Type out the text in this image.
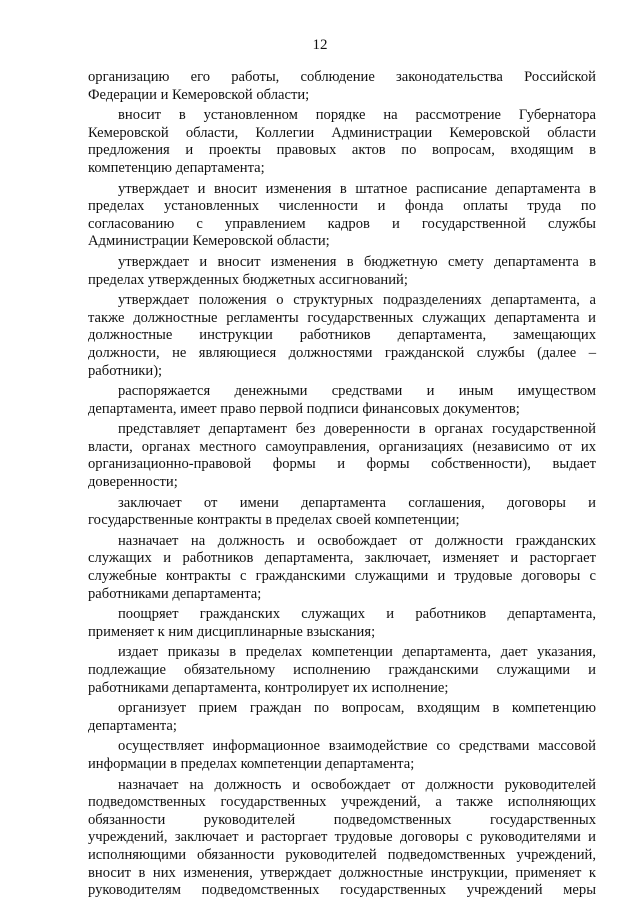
12
организацию его работы, соблюдение законодательства Российской
Федерации и Кемеровской области;
вносит в установленном порядке на рассмотрение Губернатора
Кемеровской области, Коллегии Администрации Кемеровской области
предложения и проекты правовых актов по вопросам, входящим в
компетенцию департамента;
утверждает и вносит изменения в штатное расписание департамента в
пределах установленных численности и фонда оплаты труда по
согласованию с управлением кадров и государственной службы
Администрации Кемеровской области;
утверждает и вносит изменения в бюджетную смету департамента в
пределах утвержденных бюджетных ассигнований;
утверждает положения о структурных подразделениях департамента, а
также должностные регламенты государственных служащих департамента и
должностные инструкции работников департамента, замещающих
должности, не являющиеся должностями гражданской службы (далее –
работники);
распоряжается денежными средствами и иным имуществом
департамента, имеет право первой подписи финансовых документов;
представляет департамент без доверенности в органах государственной
власти, органах местного самоуправления, организациях (независимо от их
организационно-правовой формы и формы собственности), выдает
доверенности;
заключает от имени департамента соглашения, договоры и
государственные контракты в пределах своей компетенции;
назначает на должность и освобождает от должности гражданских
служащих и работников департамента, заключает, изменяет и расторгает
служебные контракты с гражданскими служащими и трудовые договоры с
работниками департамента;
поощряет гражданских служащих и работников департамента,
применяет к ним дисциплинарные взыскания;
издает приказы в пределах компетенции департамента, дает указания,
подлежащие обязательному исполнению гражданскими служащими и
работниками департамента, контролирует их исполнение;
организует прием граждан по вопросам, входящим в компетенцию
департамента;
осуществляет информационное взаимодействие со средствами массовой
информации в пределах компетенции департамента;
назначает на должность и освобождает от должности руководителей
подведомственных государственных учреждений, а также исполняющих
обязанности руководителей подведомственных государственных
учреждений, заключает и расторгает трудовые договоры с руководителями и
исполняющими обязанности руководителей подведомственных учреждений,
вносит в них изменения, утверждает должностные инструкции, применяет к
руководителям подведомственных государственных учреждений меры
